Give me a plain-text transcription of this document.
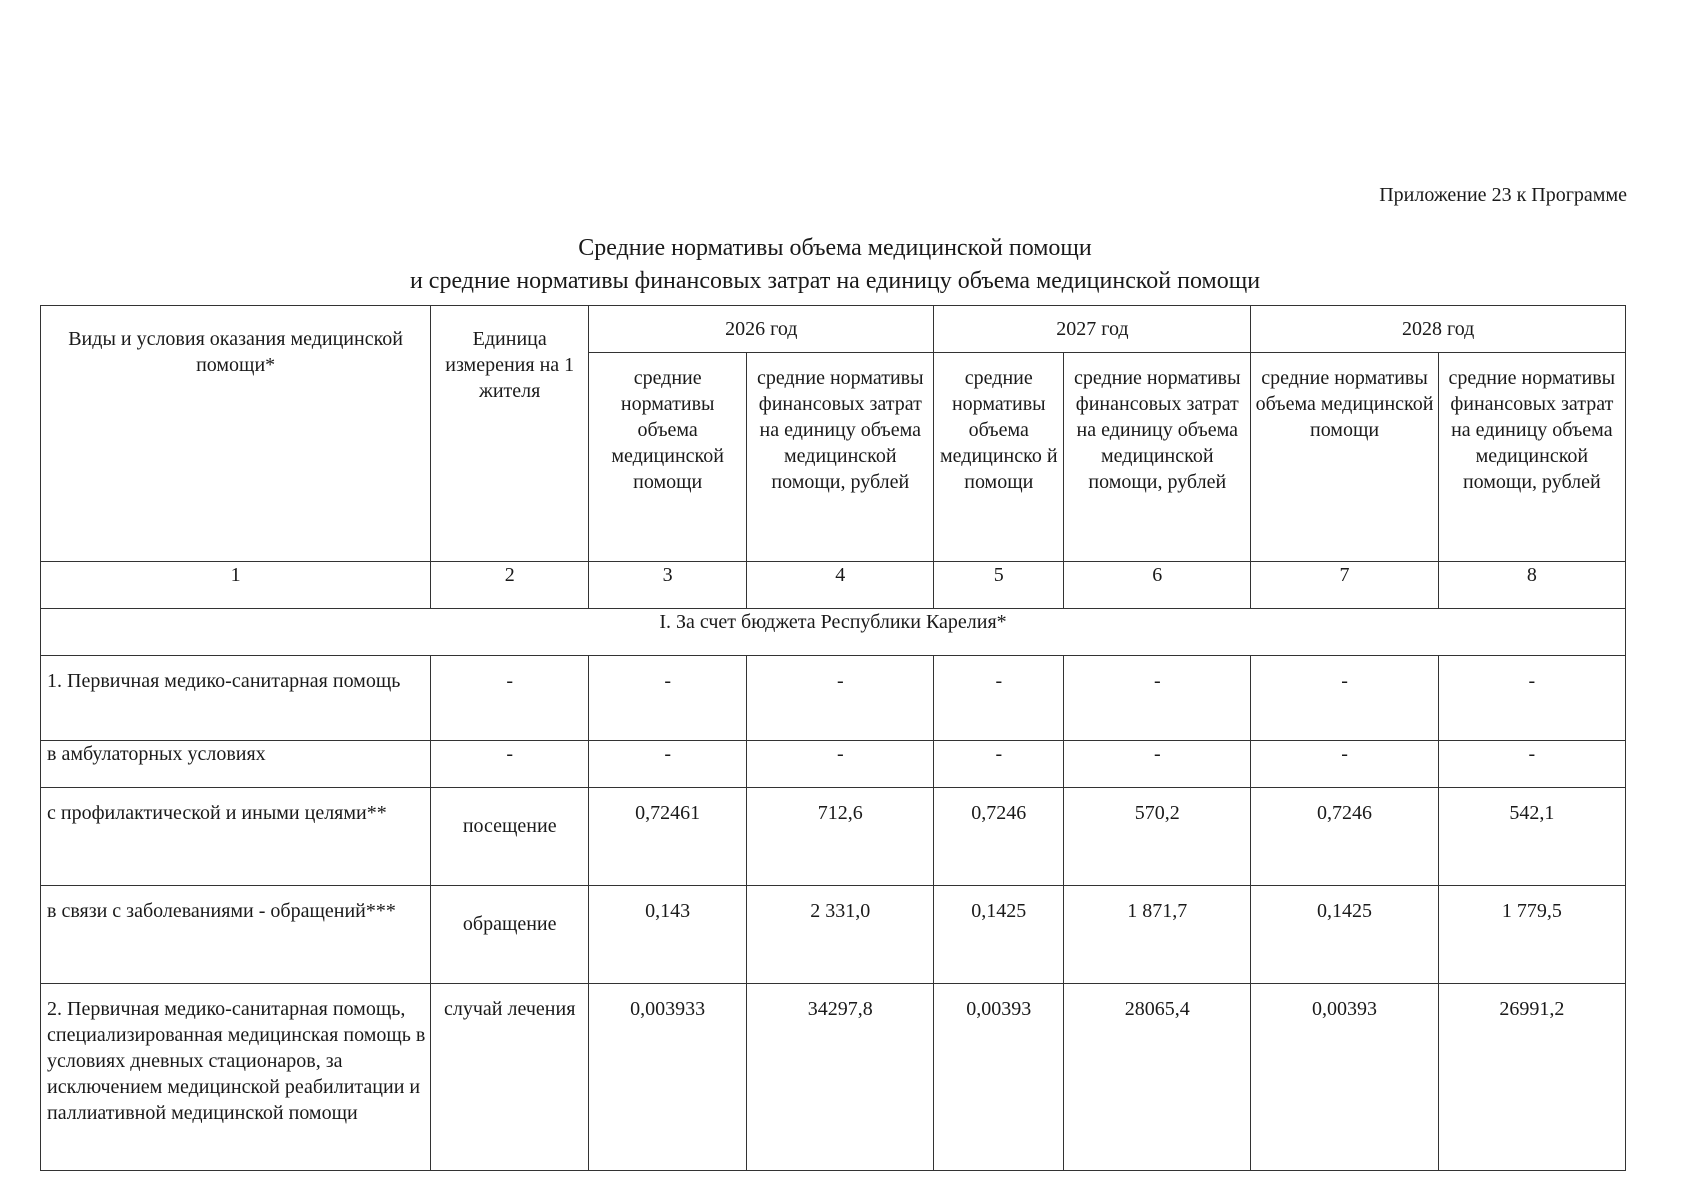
Приложение 23 к Программе
Средние нормативы объема медицинской помощи
и средние нормативы финансовых затрат на единицу объема медицинской помощи
Виды и условия оказания медицинской помощи*	Единица измерения на 1 жителя	2026 год		2027 год		2028 год	
		средние нормативы объема медицинской помощи	средние нормативы финансовых затрат на единицу объема медицинской помощи, рублей	средние нормативы объема медицинско й помощи	средние нормативы финансовых затрат на единицу объема медицинской помощи, рублей	средние нормативы объема медицинской помощи	средние нормативы финансовых затрат на единицу объема медицинской помощи, рублей
1	2	3	4	5	6	7	8
I. За счет бюджета Республики Карелия*							
1. Первичная медико-санитарная помощь	-	-	-	-	-	-	-
в амбулаторных условиях	-	-	-	-	-	-	-
с профилактической и иными целями**	посещение	0,72461	712,6	0,7246	570,2	0,7246	542,1
в связи с заболеваниями - обращений***	обращение	0,143	2 331,0	0,1425	1 871,7	0,1425	1 779,5
2. Первичная медико-санитарная помощь, специализированная медицинская помощь в условиях дневных стационаров, за исключением медицинской реабилитации и паллиативной медицинской помощи	случай лечения	0,003933	34297,8	0,00393	28065,4	0,00393	26991,2
